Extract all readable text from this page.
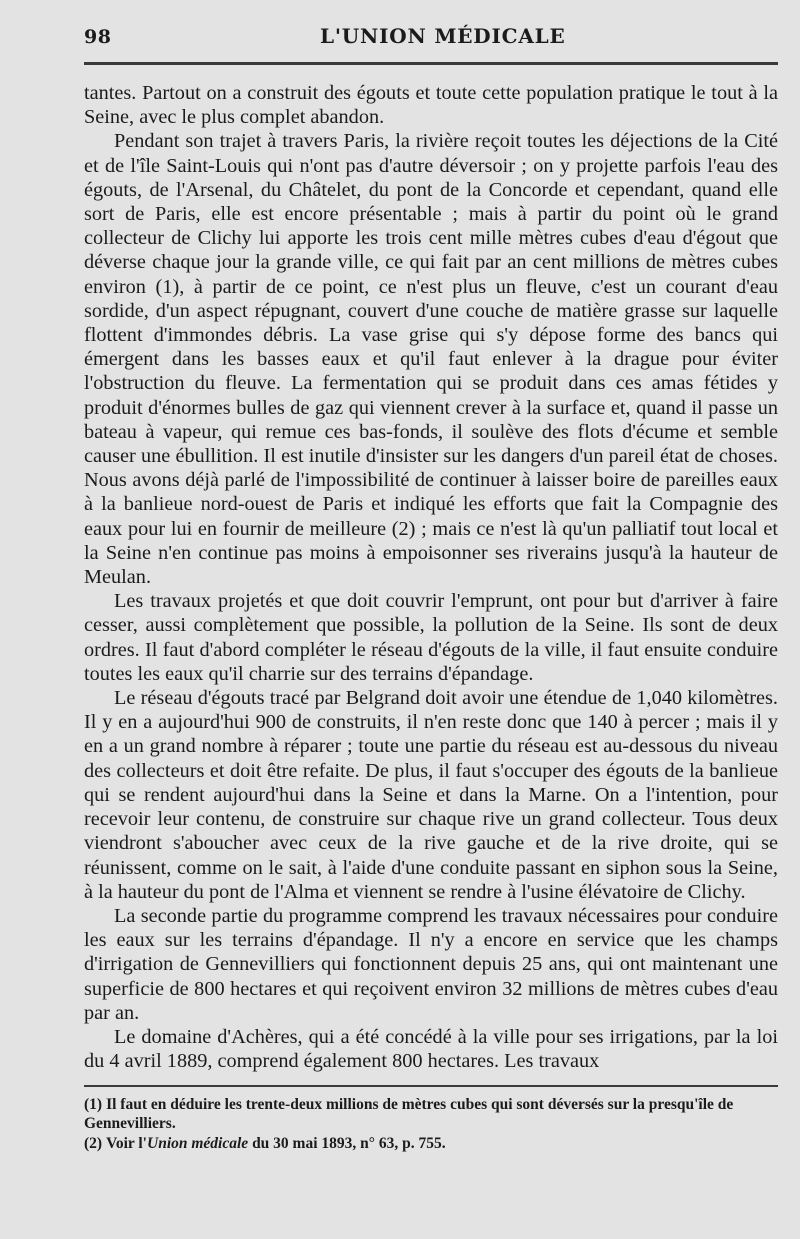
98	L'UNION MÉDICALE

tantes. Partout on a construit des égouts et toute cette population pratique le tout à la Seine, avec le plus complet abandon.

Pendant son trajet à travers Paris, la rivière reçoit toutes les déjections de la Cité et de l'île Saint-Louis qui n'ont pas d'autre déversoir ; on y projette parfois l'eau des égouts, de l'Arsenal, du Châtelet, du pont de la Concorde et cependant, quand elle sort de Paris, elle est encore présentable ; mais à partir du point où le grand collecteur de Clichy lui apporte les trois cent mille mètres cubes d'eau d'égout que déverse chaque jour la grande ville, ce qui fait par an cent millions de mètres cubes environ (1), à partir de ce point, ce n'est plus un fleuve, c'est un courant d'eau sordide, d'un aspect répugnant, couvert d'une couche de matière grasse sur laquelle flottent d'immondes débris. La vase grise qui s'y dépose forme des bancs qui émergent dans les basses eaux et qu'il faut enlever à la drague pour éviter l'obstruction du fleuve. La fermentation qui se produit dans ces amas fétides y produit d'énormes bulles de gaz qui viennent crever à la surface et, quand il passe un bateau à vapeur, qui remue ces bas-fonds, il soulève des flots d'écume et semble causer une ébullition. Il est inutile d'insister sur les dangers d'un pareil état de choses. Nous avons déjà parlé de l'impossibilité de continuer à laisser boire de pareilles eaux à la banlieue nord-ouest de Paris et indiqué les efforts que fait la Compagnie des eaux pour lui en fournir de meilleure (2) ; mais ce n'est là qu'un palliatif tout local et la Seine n'en continue pas moins à empoisonner ses riverains jusqu'à la hauteur de Meulan.

Les travaux projetés et que doit couvrir l'emprunt, ont pour but d'arriver à faire cesser, aussi complètement que possible, la pollution de la Seine. Ils sont de deux ordres. Il faut d'abord compléter le réseau d'égouts de la ville, il faut ensuite conduire toutes les eaux qu'il charrie sur des terrains d'épandage.

Le réseau d'égouts tracé par Belgrand doit avoir une étendue de 1,040 kilomètres. Il y en a aujourd'hui 900 de construits, il n'en reste donc que 140 à percer ; mais il y en a un grand nombre à réparer ; toute une partie du réseau est au-dessous du niveau des collecteurs et doit être refaite. De plus, il faut s'occuper des égouts de la banlieue qui se rendent aujourd'hui dans la Seine et dans la Marne. On a l'intention, pour recevoir leur contenu, de construire sur chaque rive un grand collecteur. Tous deux viendront s'aboucher avec ceux de la rive gauche et de la rive droite, qui se réunissent, comme on le sait, à l'aide d'une conduite passant en siphon sous la Seine, à la hauteur du pont de l'Alma et viennent se rendre à l'usine élévatoire de Clichy.

La seconde partie du programme comprend les travaux nécessaires pour conduire les eaux sur les terrains d'épandage. Il n'y a encore en service que les champs d'irrigation de Gennevilliers qui fonctionnent depuis 25 ans, qui ont maintenant une superficie de 800 hectares et qui reçoivent environ 32 millions de mètres cubes d'eau par an.

Le domaine d'Achères, qui a été concédé à la ville pour ses irrigations, par la loi du 4 avril 1889, comprend également 800 hectares. Les travaux

(1) Il faut en déduire les trente-deux millions de mètres cubes qui sont déversés sur la presqu'île de Gennevilliers.

(2) Voir l'Union médicale du 30 mai 1893, n° 63, p. 755.
